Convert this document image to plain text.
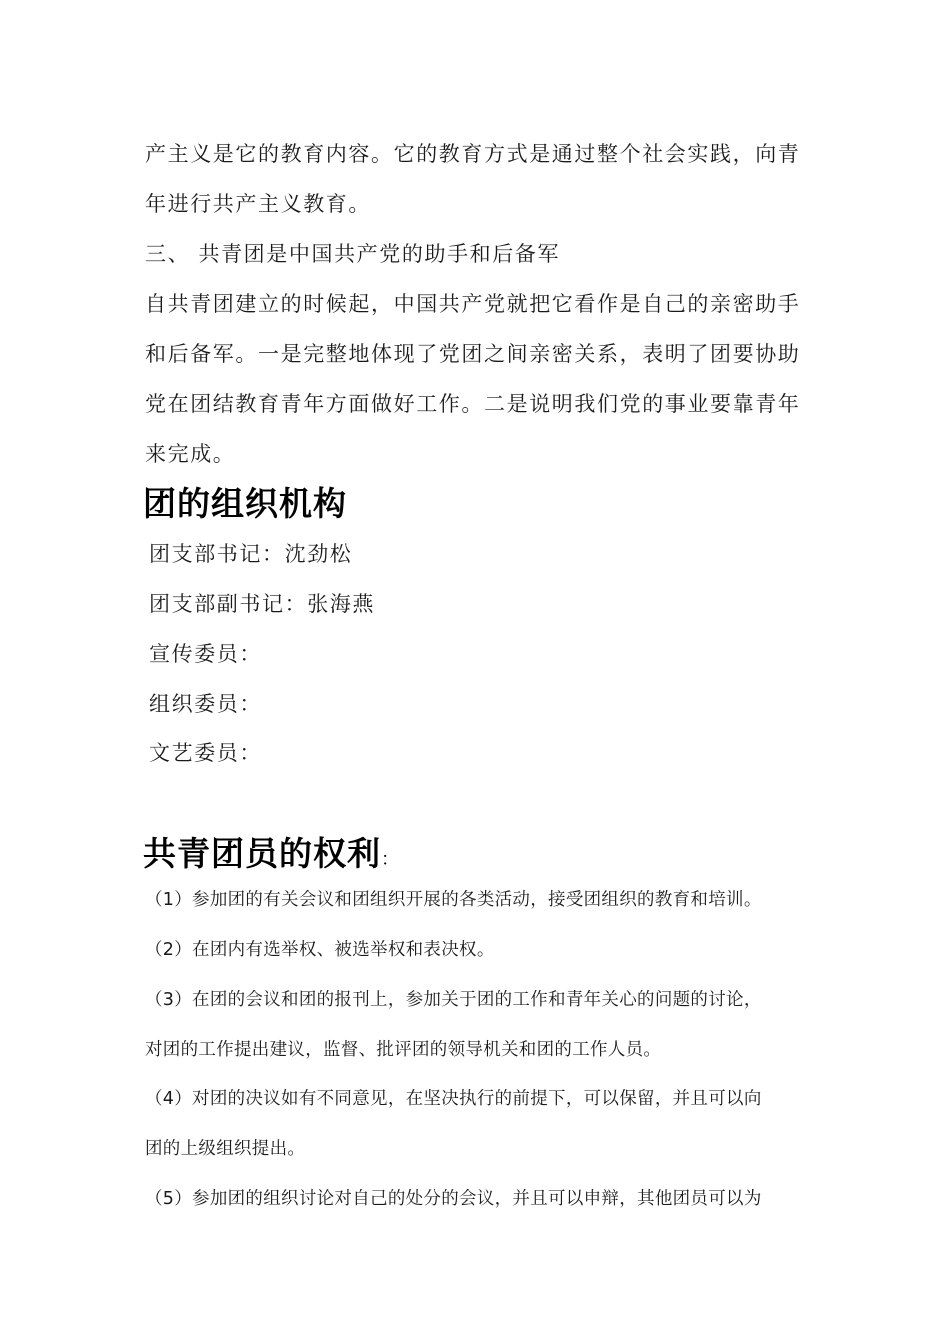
产主义是它的教育内容。它的教育方式是通过整个社会实践，向青
年进行共产主义教育。
三、 共青团是中国共产党的助手和后备军
自共青团建立的时候起，中国共产党就把它看作是自己的亲密助手
和后备军。一是完整地体现了党团之间亲密关系，表明了团要协助
党在团结教育青年方面做好工作。二是说明我们党的事业要靠青年
来完成。
团的组织机构
团支部书记：沈劲松
团支部副书记：张海燕
宣传委员：
组织委员：
文艺委员：
共青团员的权利：
（1）参加团的有关会议和团组织开展的各类活动，接受团组织的教育和培训。
（2）在团内有选举权、被选举权和表决权。
（3）在团的会议和团的报刊上，参加关于团的工作和青年关心的问题的讨论，
对团的工作提出建议，监督、批评团的领导机关和团的工作人员。
（4）对团的决议如有不同意见，在坚决执行的前提下，可以保留，并且可以向
团的上级组织提出。
（5）参加团的组织讨论对自己的处分的会议，并且可以申辩，其他团员可以为
